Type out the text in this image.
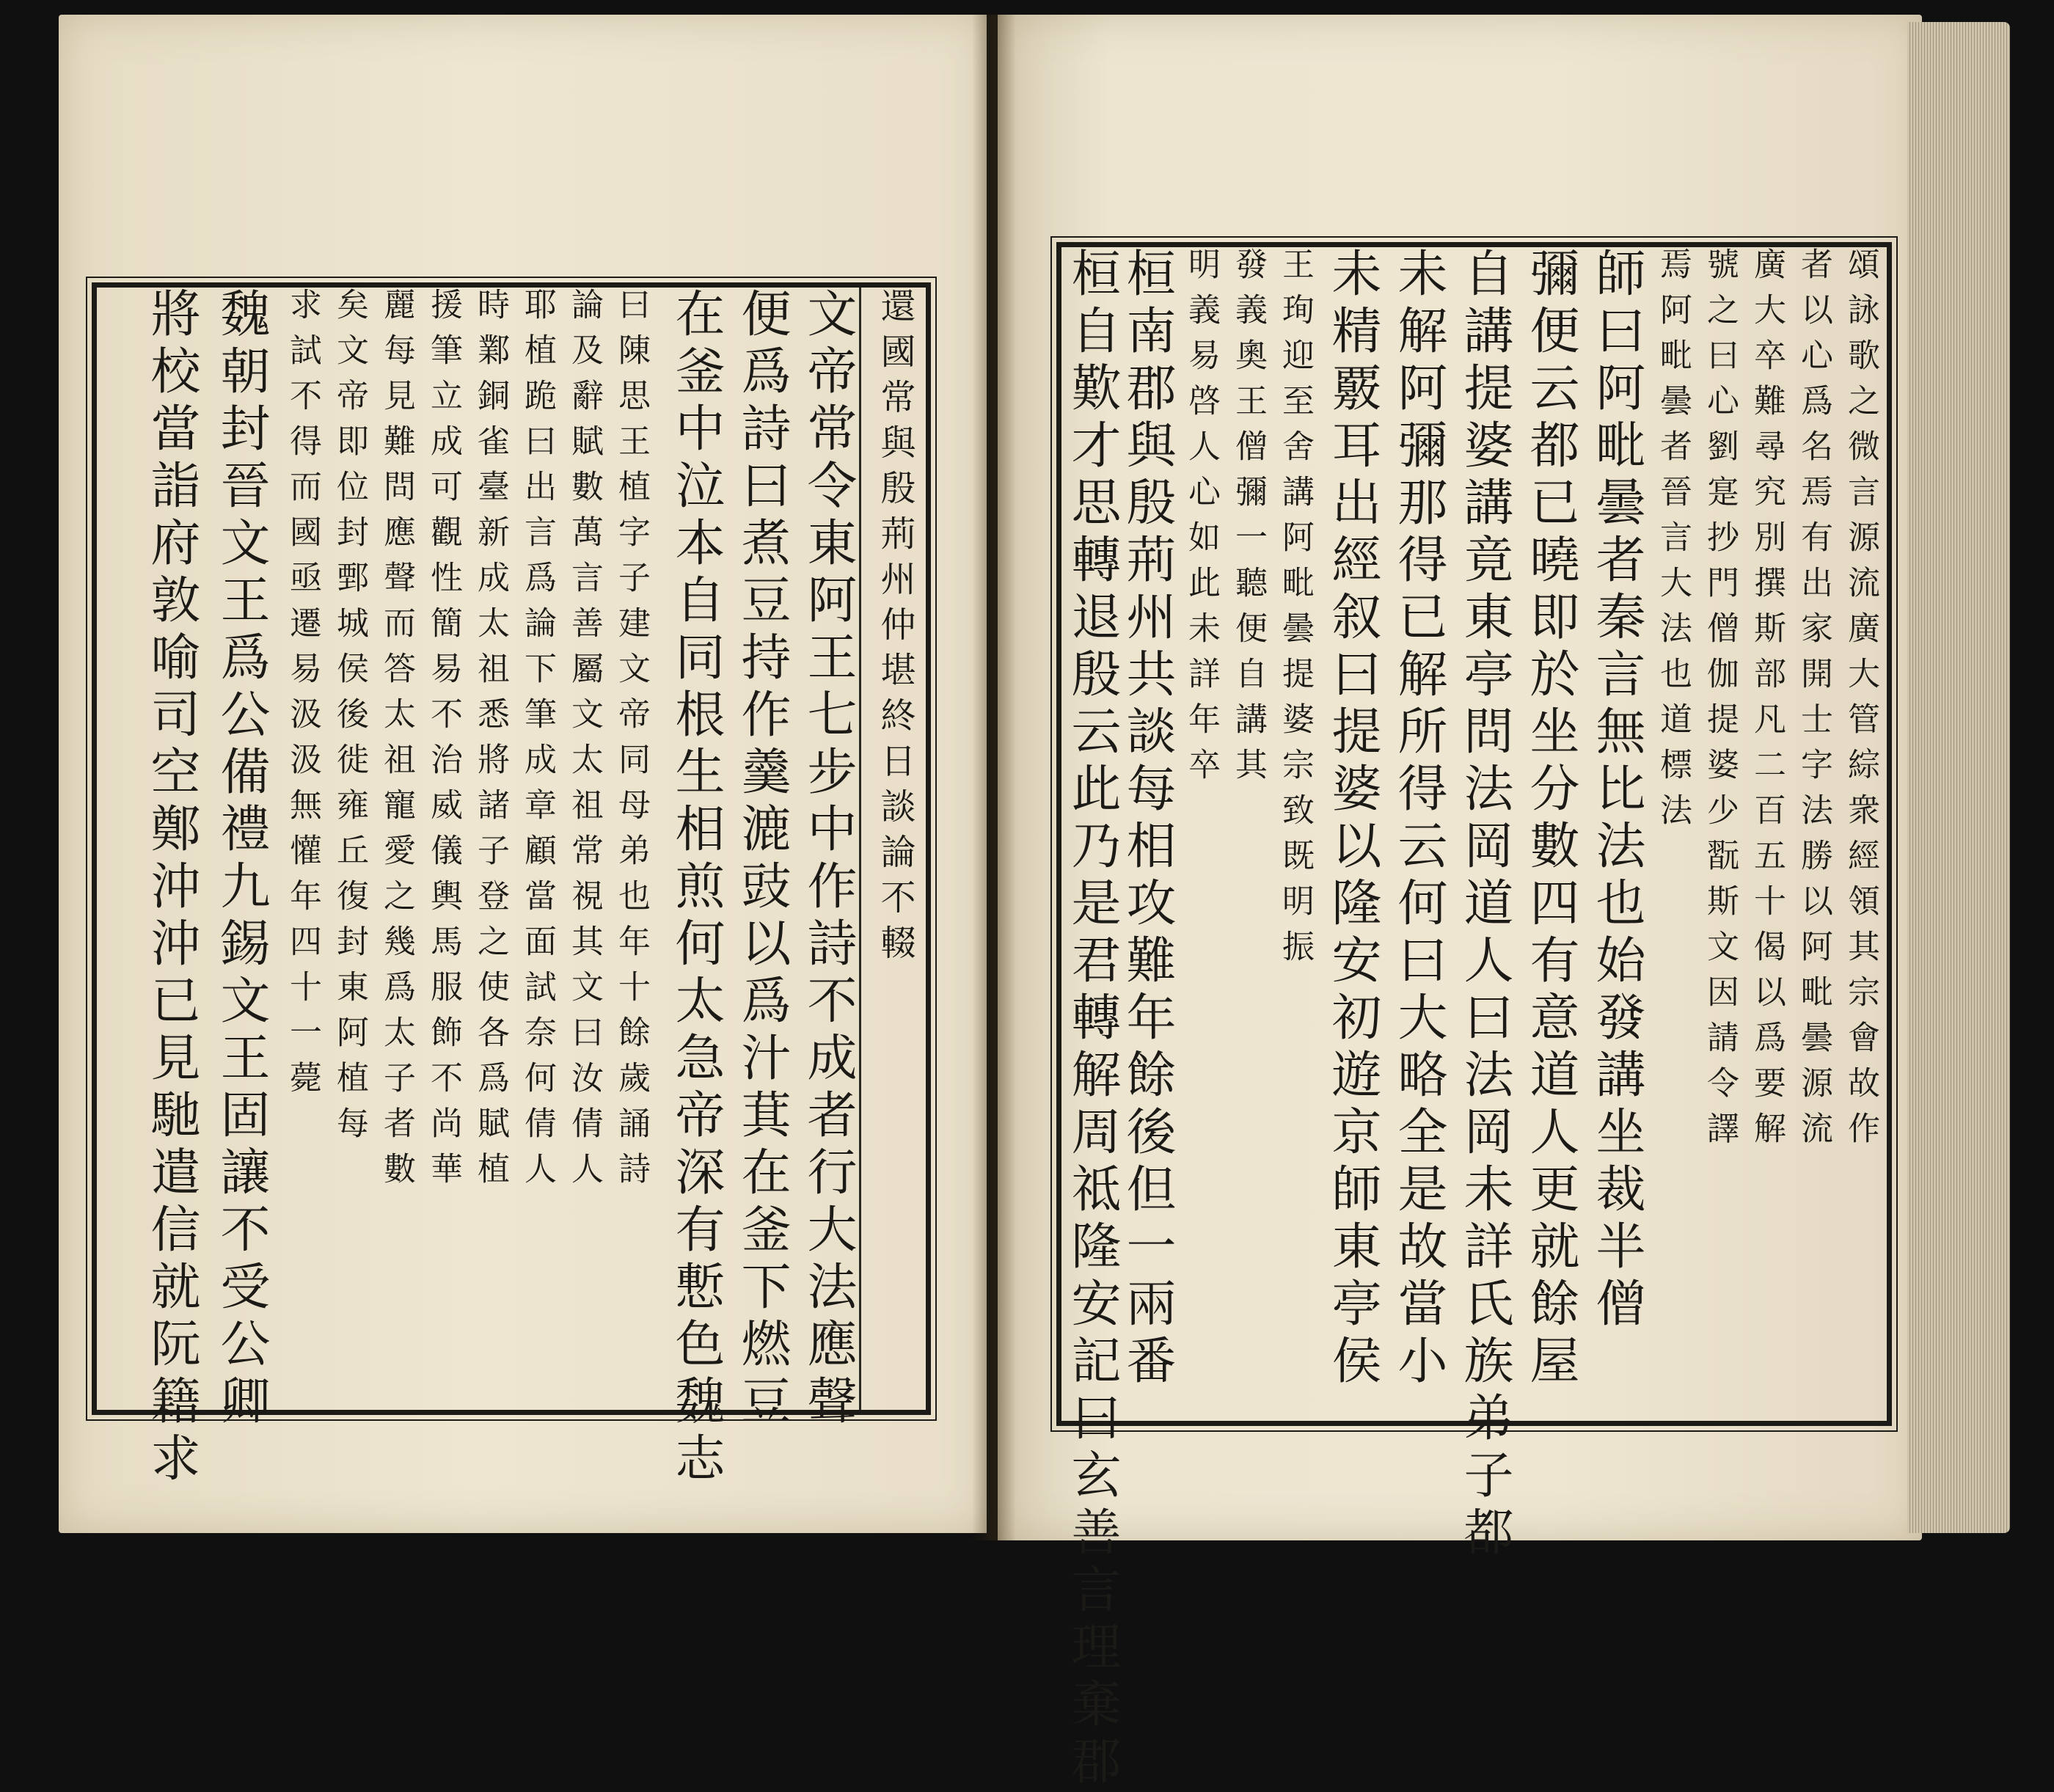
還國常與殷荊州仲堪終日談論不輟
文帝常令東阿王七步中作詩不成者行大法應聲
便爲詩曰煮豆持作羹漉豉以爲汁萁在釜下燃豆
在釜中泣本自同根生相煎何太急帝深有慙色魏志
曰陳思王植字子建文帝同母弟也年十餘歲誦詩
論及辭賦數萬言善屬文太祖常視其文曰汝倩人
耶植跪曰出言爲論下筆成章顧當面試奈何倩人
時鄴銅雀臺新成太祖悉將諸子登之使各爲賦植
援筆立成可觀性簡易不治威儀輿馬服飾不尚華
麗每見難問應聲而答太祖寵愛之幾爲太子者數
矣文帝即位封鄄城侯後徙雍丘復封東阿植每
求試不得而國亟遷易汲汲無懽年四十一薨
魏朝封晉文王爲公備禮九錫文王固讓不受公卿
將校當詣府敦喻司空鄭沖沖已見馳遣信就阮籍求	頌詠歌之微言源流廣大管綜衆經領其宗會故作
者以心爲名焉有出家開士字法勝以阿毗曇源流
廣大卒難尋究別撰斯部凡二百五十偈以爲要解
號之曰心劉寔抄門僧伽提婆少翫斯文因請令譯
焉阿毗曇者晉言大法也道標法
師曰阿毗曇者秦言無比法也始發講坐裁半僧
彌便云都已曉即於坐分數四有意道人更就餘屋
自講提婆講竟東亭問法岡道人曰法岡未詳氏族弟子都
未解阿彌那得已解所得云何曰大略全是故當小
未精覈耳出經叙曰提婆以隆安初遊京師東亭侯
王珣迎至舍講阿毗曇提婆宗致既明振
發義奧王僧彌一聽便自講其
明義易啓人心如此未詳年卒
桓南郡與殷荊州共談每相攻難年餘後但一兩番
桓自歎才思轉退殷云此乃是君轉解周祗隆安記曰玄善言理棄郡
